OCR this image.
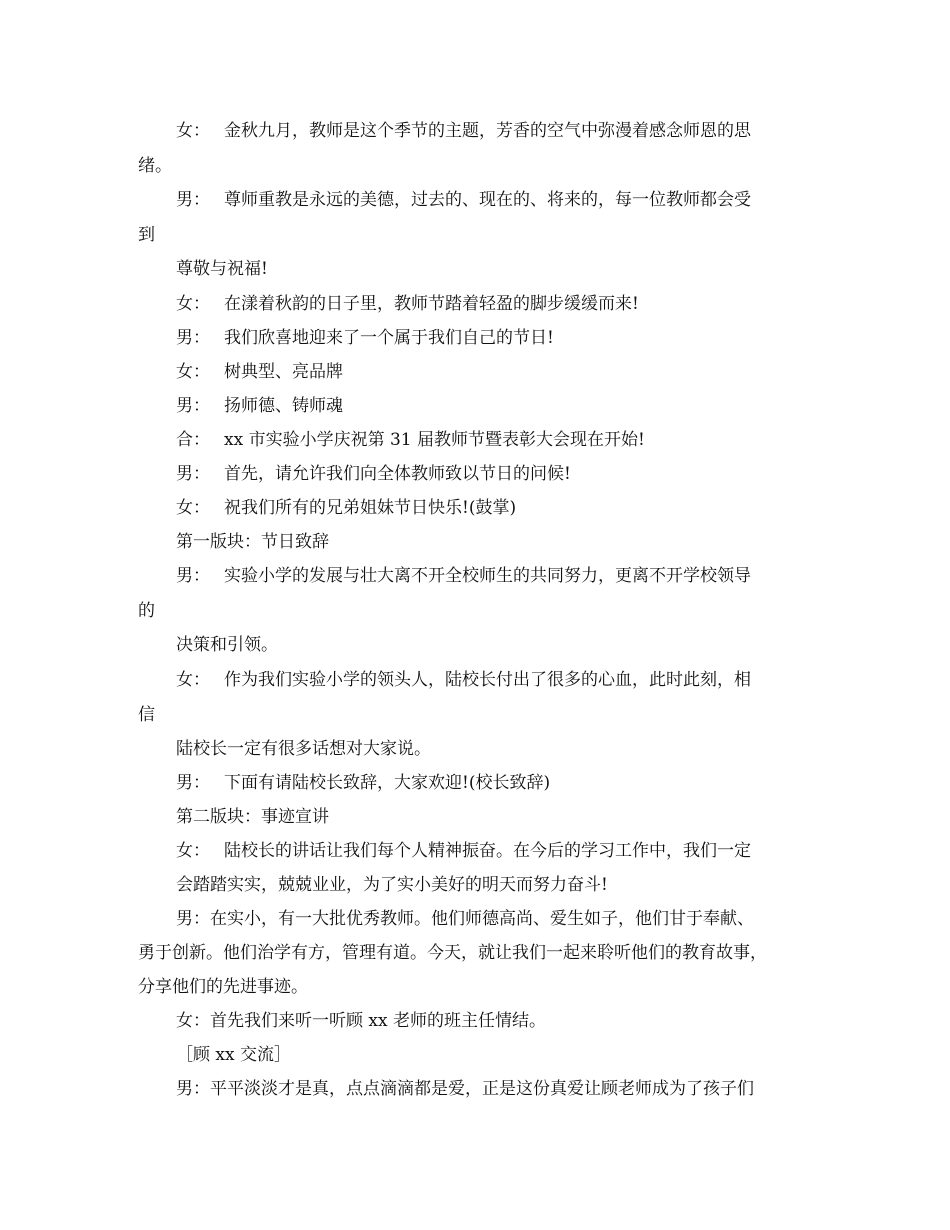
女： 金秋九月，教师是这个季节的主题，芳香的空气中弥漫着感念师恩的思
绪。
男： 尊师重教是永远的美德，过去的、现在的、将来的，每一位教师都会受
到
尊敬与祝福!
女： 在漾着秋韵的日子里，教师节踏着轻盈的脚步缓缓而来!
男： 我们欣喜地迎来了一个属于我们自己的节日!
女： 树典型、亮品牌
男： 扬师德、铸师魂
合： xx 市实验小学庆祝第 31 届教师节暨表彰大会现在开始!
男： 首先，请允许我们向全体教师致以节日的问候!
女： 祝我们所有的兄弟姐妹节日快乐!(鼓掌)
第一版块：节日致辞
男： 实验小学的发展与壮大离不开全校师生的共同努力，更离不开学校领导
的
决策和引领。
女： 作为我们实验小学的领头人，陆校长付出了很多的心血，此时此刻，相
信
陆校长一定有很多话想对大家说。
男： 下面有请陆校长致辞，大家欢迎!(校长致辞)
第二版块：事迹宣讲
女： 陆校长的讲话让我们每个人精神振奋。在今后的学习工作中，我们一定
会踏踏实实，兢兢业业，为了实小美好的明天而努力奋斗!
男：在实小，有一大批优秀教师。他们师德高尚、爱生如子，他们甘于奉献、
勇于创新。他们治学有方，管理有道。今天，就让我们一起来聆听他们的教育故事，
分享他们的先进事迹。
女：首先我们来听一听顾 xx 老师的班主任情结。
［顾 xx 交流］
男：平平淡淡才是真，点点滴滴都是爱，正是这份真爱让顾老师成为了孩子们
